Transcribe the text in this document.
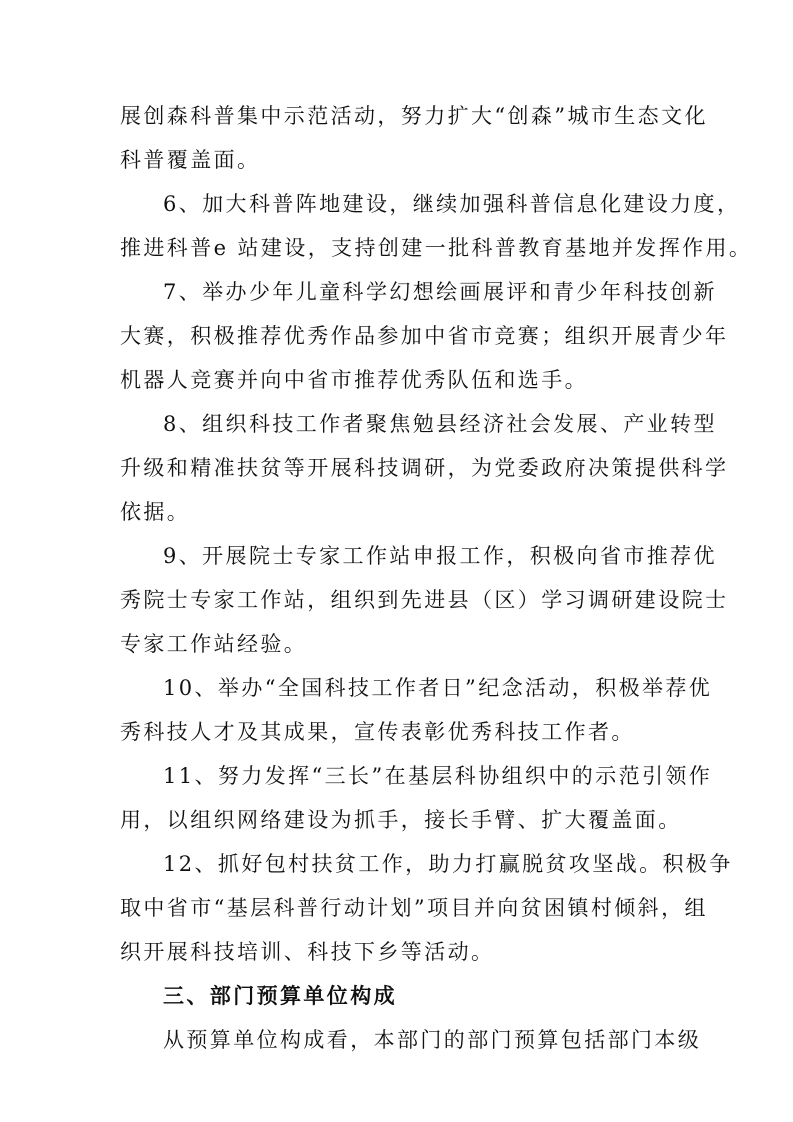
展创森科普集中示范活动，努力扩大“创森”城市生态文化
科普覆盖面。
6、加大科普阵地建设，继续加强科普信息化建设力度，
推进科普e 站建设，支持创建一批科普教育基地并发挥作用。
7、举办少年儿童科学幻想绘画展评和青少年科技创新
大赛，积极推荐优秀作品参加中省市竞赛；组织开展青少年
机器人竞赛并向中省市推荐优秀队伍和选手。
8、组织科技工作者聚焦勉县经济社会发展、产业转型
升级和精准扶贫等开展科技调研，为党委政府决策提供科学
依据。
9、开展院士专家工作站申报工作，积极向省市推荐优
秀院士专家工作站，组织到先进县（区）学习调研建设院士
专家工作站经验。
10、举办“全国科技工作者日”纪念活动，积极举荐优
秀科技人才及其成果，宣传表彰优秀科技工作者。
11、努力发挥“三长”在基层科协组织中的示范引领作
用，以组织网络建设为抓手，接长手臂、扩大覆盖面。
12、抓好包村扶贫工作，助力打赢脱贫攻坚战。积极争
取中省市“基层科普行动计划”项目并向贫困镇村倾斜，组
织开展科技培训、科技下乡等活动。
三、部门预算单位构成
从预算单位构成看，本部门的部门预算包括部门本级
